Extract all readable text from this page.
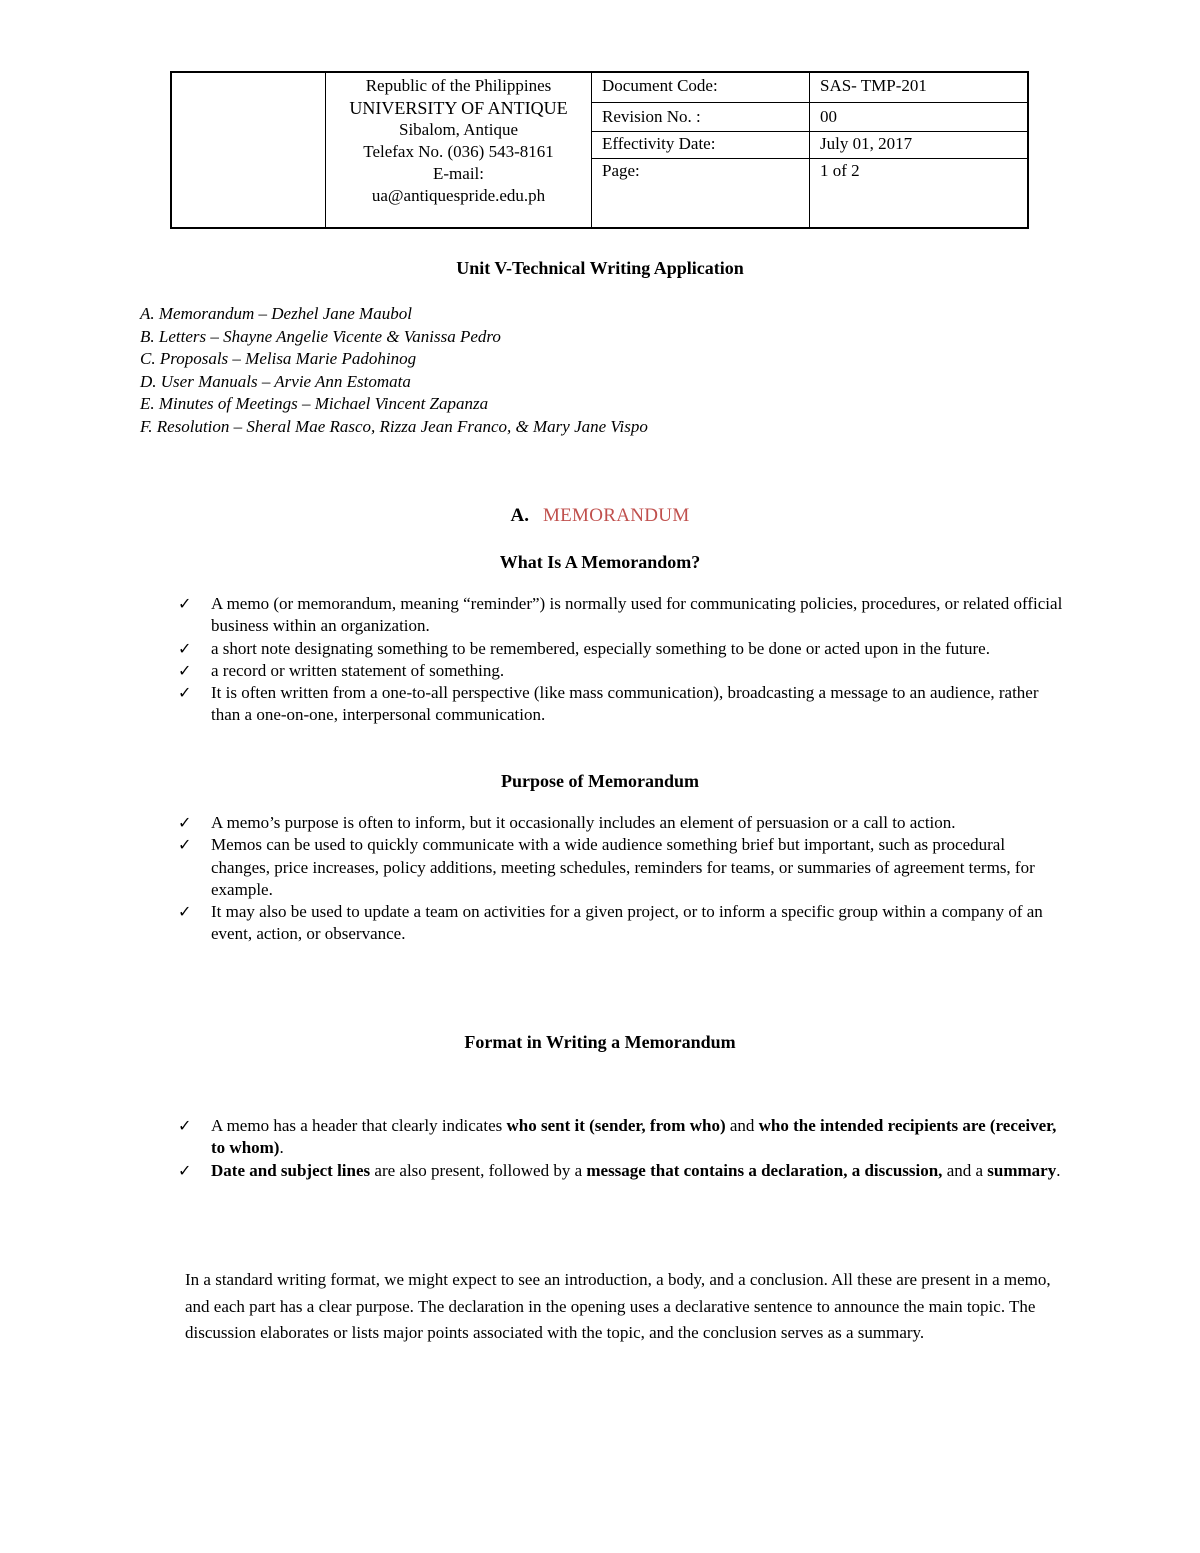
Republic of the Philippines
UNIVERSITY OF ANTIQUE
Sibalom, Antique
Telefax No. (036) 543-8161
E-mail:
ua@antiquespride.edu.ph
Document Code:	SAS- TMP-201
Revision No. :	00
Effectivity Date:	July 01, 2017
Page:	1 of 2
Unit V-Technical Writing Application
A. Memorandum – Dezhel Jane Maubol
B. Letters – Shayne Angelie Vicente & Vanissa Pedro
C. Proposals – Melisa Marie Padohinog
D. User Manuals – Arvie Ann Estomata
E. Minutes of Meetings – Michael Vincent Zapanza
F. Resolution – Sheral Mae Rasco, Rizza Jean Franco, & Mary Jane Vispo
A. MEMORANDUM
What Is A Memorandom?
✓ A memo (or memorandum, meaning “reminder”) is normally used for communicating policies, procedures, or related official business within an organization.
✓ a short note designating something to be remembered, especially something to be done or acted upon in the future.
✓ a record or written statement of something.
✓ It is often written from a one-to-all perspective (like mass communication), broadcasting a message to an audience, rather than a one-on-one, interpersonal communication.
Purpose of Memorandum
✓ A memo’s purpose is often to inform, but it occasionally includes an element of persuasion or a call to action.
✓ Memos can be used to quickly communicate with a wide audience something brief but important, such as procedural changes, price increases, policy additions, meeting schedules, reminders for teams, or summaries of agreement terms, for example.
✓ It may also be used to update a team on activities for a given project, or to inform a specific group within a company of an event, action, or observance.
Format in Writing a Memorandum
✓ A memo has a header that clearly indicates who sent it (sender, from who) and who the intended recipients are (receiver, to whom).
✓ Date and subject lines are also present, followed by a message that contains a declaration, a discussion, and a summary.

In a standard writing format, we might expect to see an introduction, a body, and a conclusion. All these are present in a memo, and each part has a clear purpose. The declaration in the opening uses a declarative sentence to announce the main topic. The discussion elaborates or lists major points associated with the topic, and the conclusion serves as a summary.
